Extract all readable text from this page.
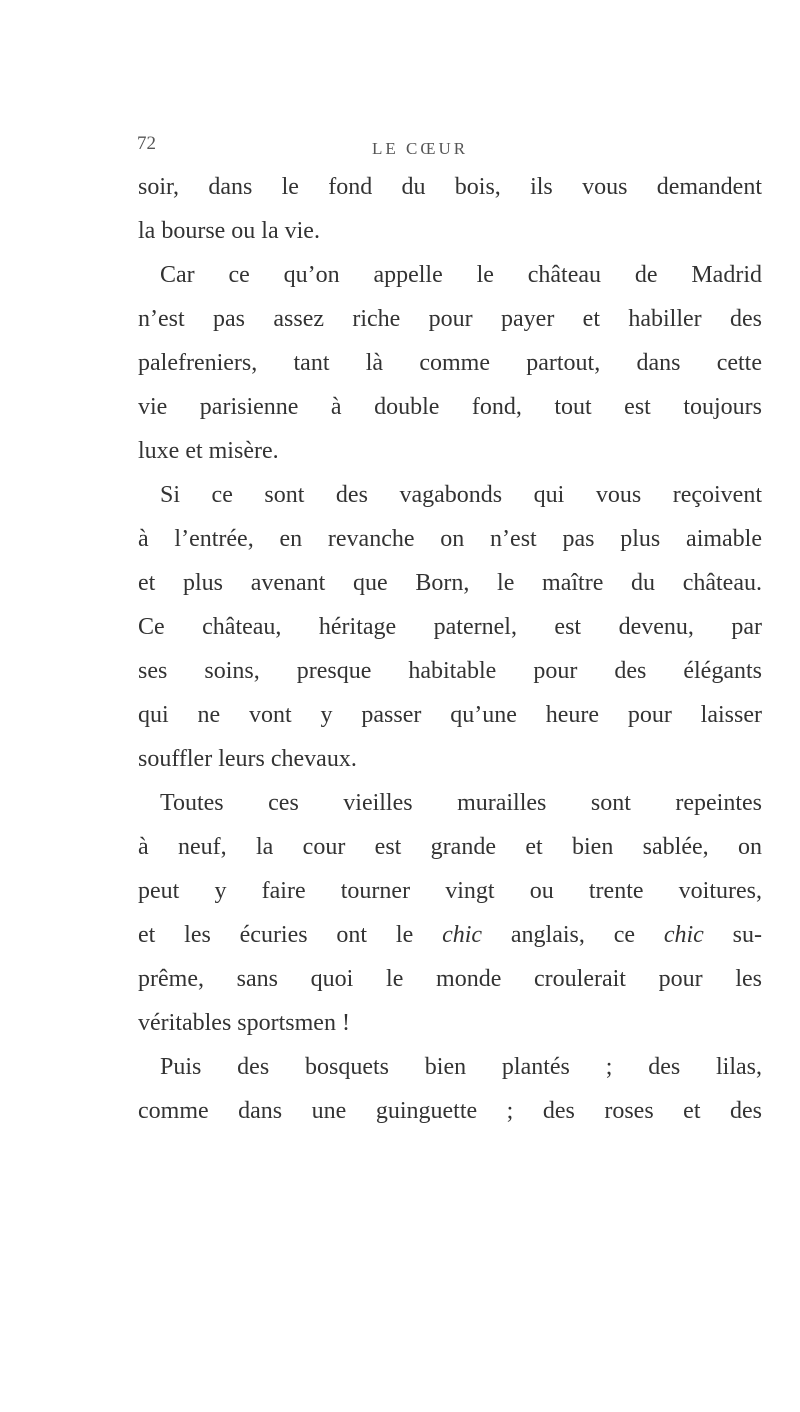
72	LE CŒUR
soir, dans le fond du bois, ils vous demandent
la bourse ou la vie.
Car ce qu’on appelle le château de Madrid
n’est pas assez riche pour payer et habiller des
palefreniers, tant là comme partout, dans cette
vie parisienne à double fond, tout est toujours
luxe et misère.
Si ce sont des vagabonds qui vous reçoivent
à l’entrée, en revanche on n’est pas plus aimable
et plus avenant que Born, le maître du château.
Ce château, héritage paternel, est devenu, par
ses soins, presque habitable pour des élégants
qui ne vont y passer qu’une heure pour laisser
souffler leurs chevaux.
Toutes ces vieilles murailles sont repeintes
à neuf, la cour est grande et bien sablée, on
peut y faire tourner vingt ou trente voitures,
et les écuries ont le chic anglais, ce chic su-
prême, sans quoi le monde croulerait pour les
véritables sportsmen !
Puis des bosquets bien plantés ; des lilas,
comme dans une guinguette ; des roses et des
